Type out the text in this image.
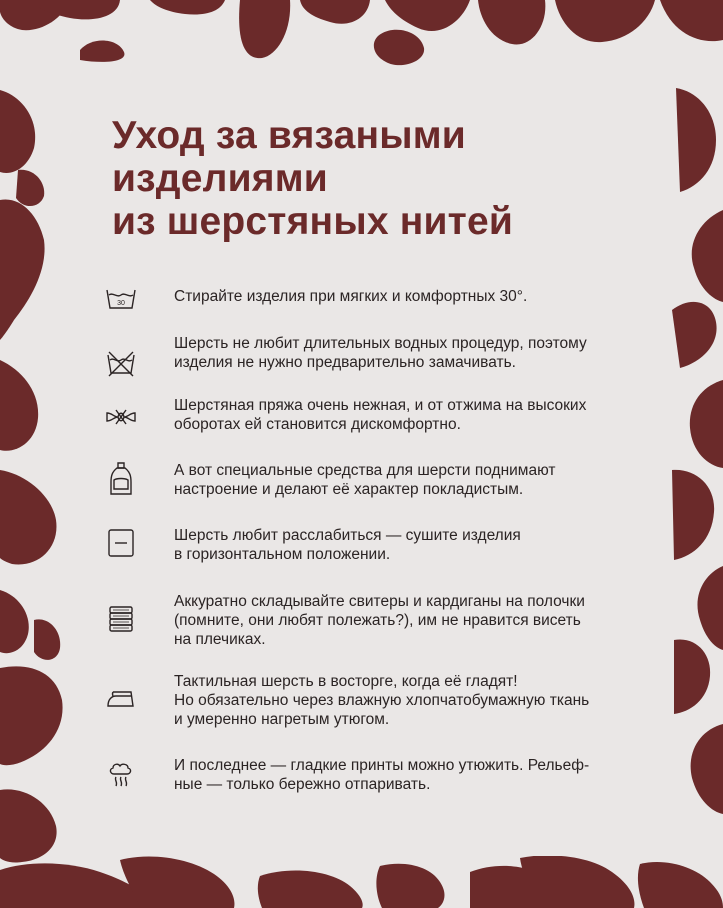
Уход за вязаными
изделиями
из шерстяных нитей
30	Стирайте изделия при мягких и комфортных 30°.
Шерсть не любит длительных водных процедур, поэтому
изделия не нужно предварительно замачивать.
Шерстяная пряжа очень нежная, и от отжима на высоких
оборотах ей становится дискомфортно.
А вот специальные средства для шерсти поднимают
настроение и делают её характер покладистым.
Шерсть любит расслабиться — сушите изделия
в горизонтальном положении.
Аккуратно складывайте свитеры и кардиганы на полочки
(помните, они любят полежать?), им не нравится висеть
на плечиках.
Тактильная шерсть в восторге, когда её гладят!
Но обязательно через влажную хлопчатобумажную ткань
и умеренно нагретым утюгом.
И последнее — гладкие принты можно утюжить. Рельеф-
ные — только бережно отпаривать.
